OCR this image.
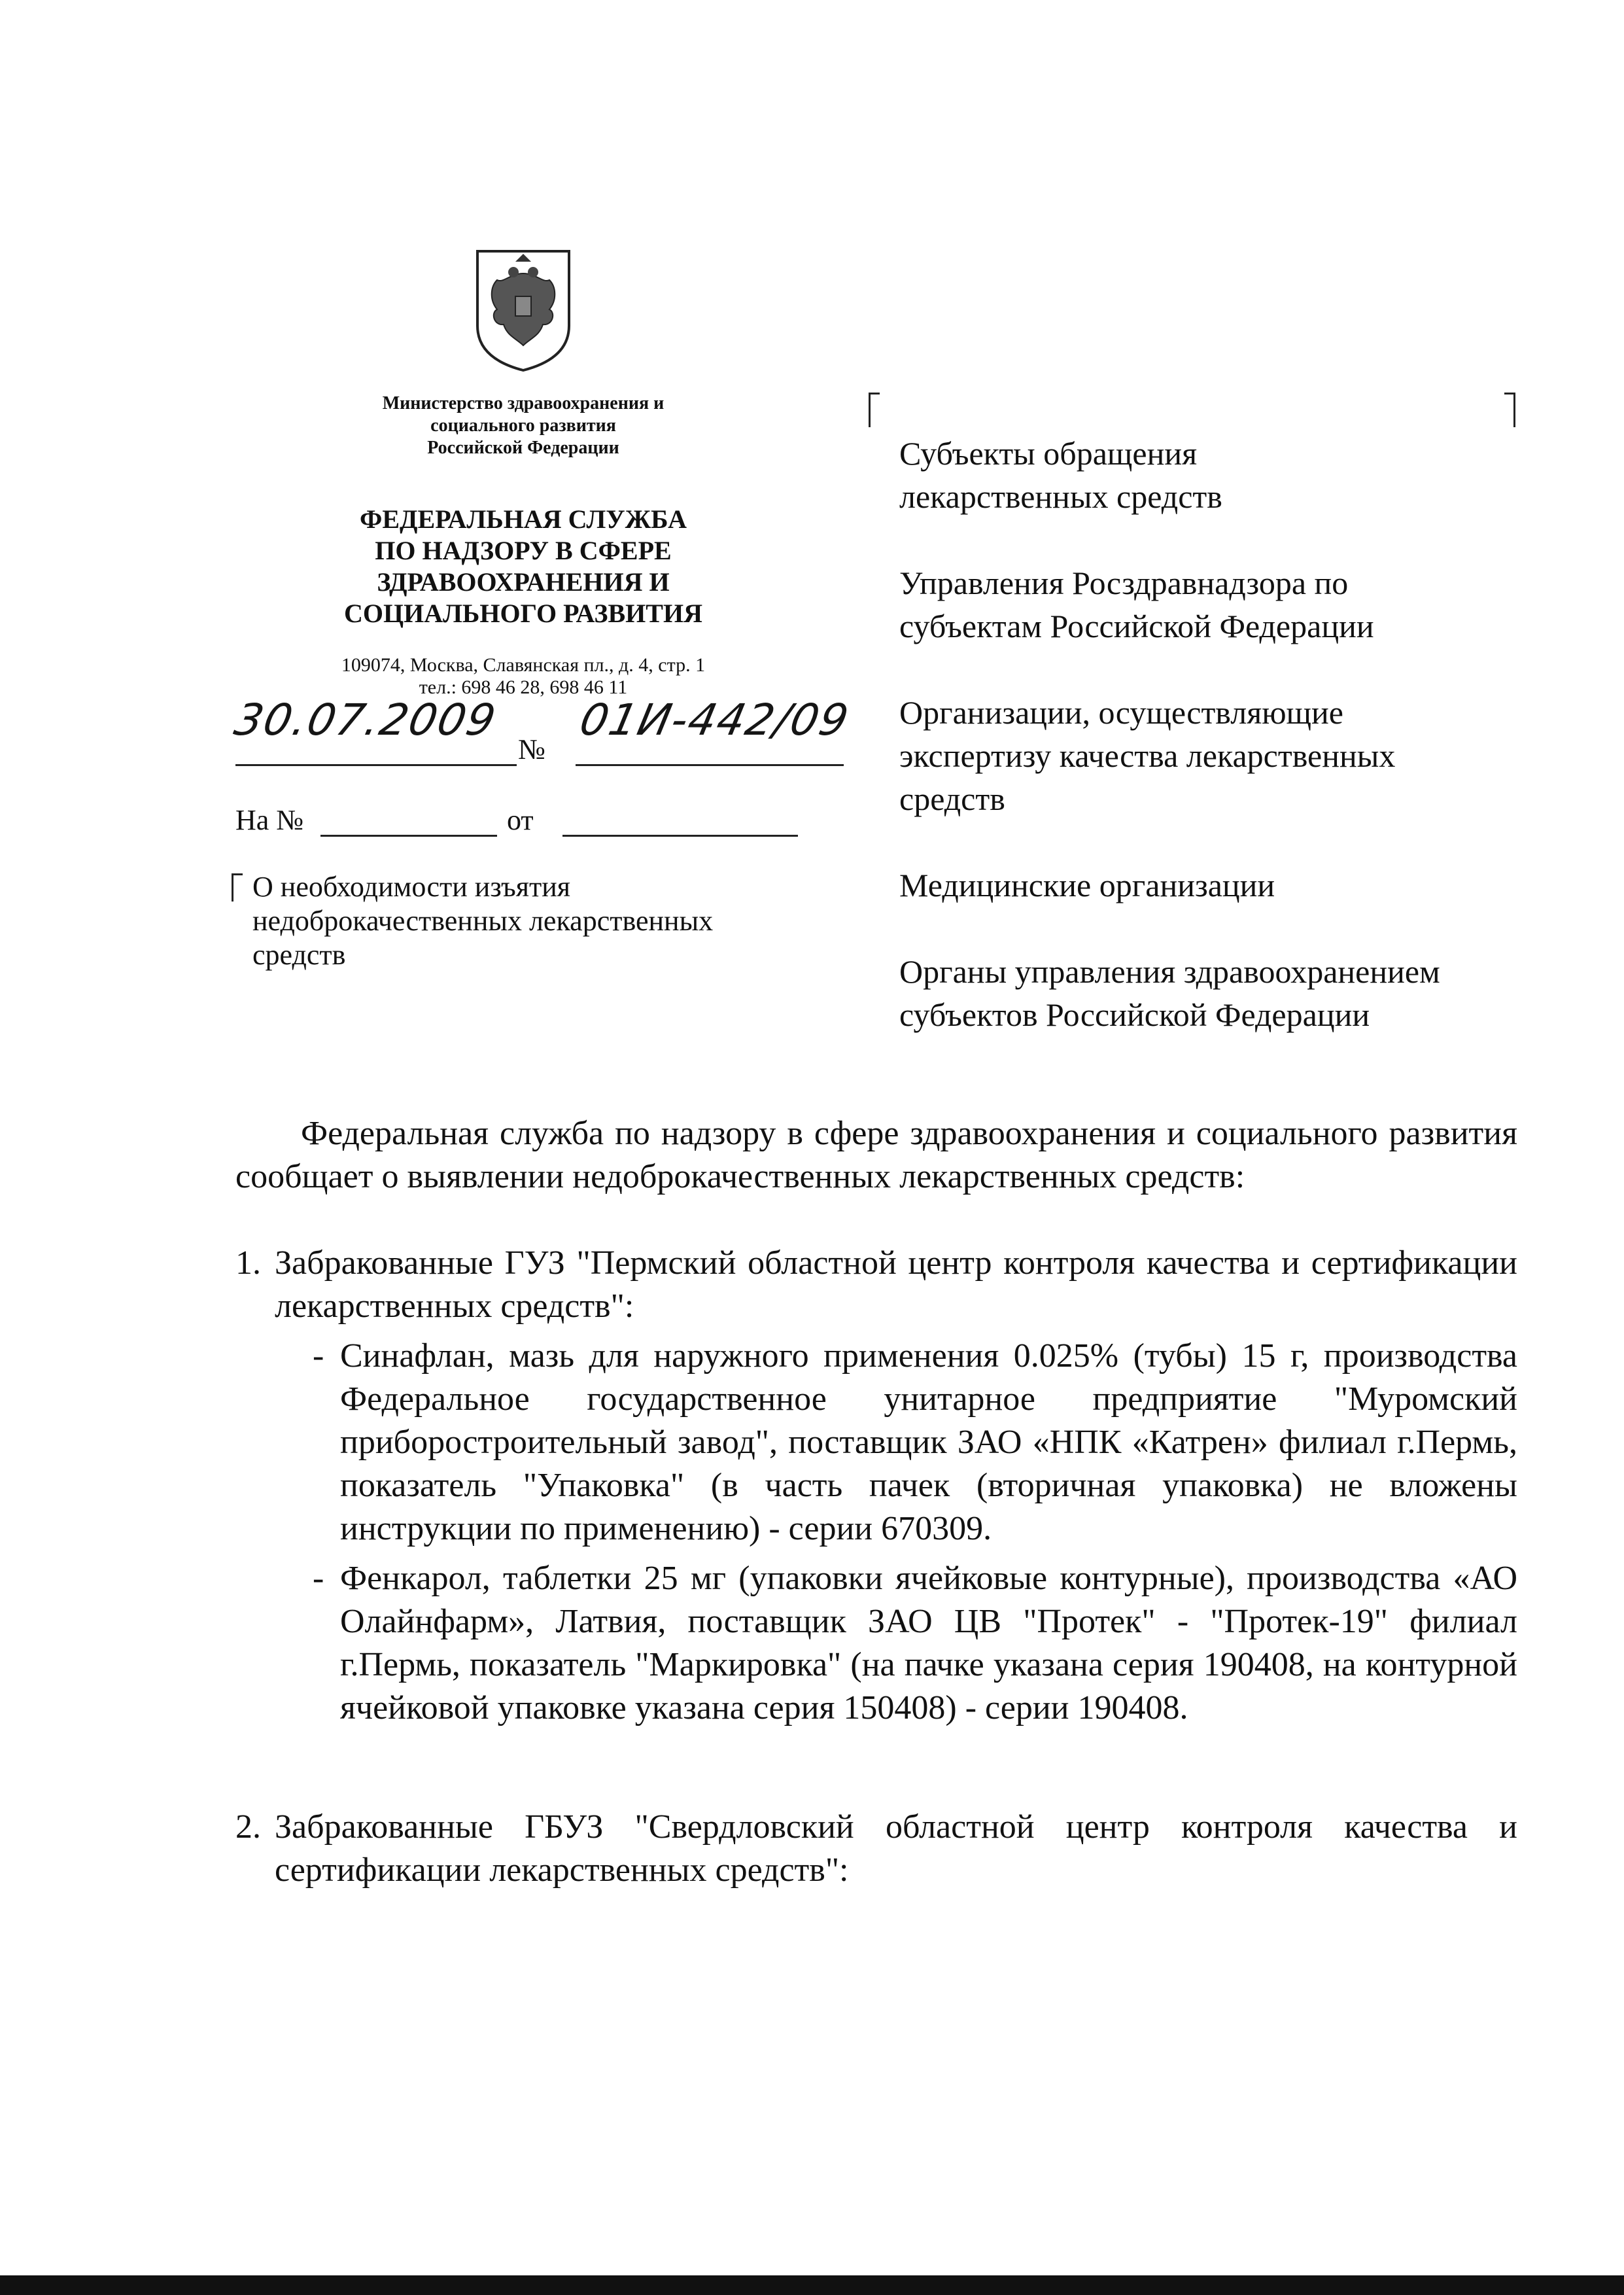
Министерство здравоохранения и
социального развития
Российской Федерации
ФЕДЕРАЛЬНАЯ СЛУЖБА
ПО НАДЗОРУ В СФЕРЕ
ЗДРАВООХРАНЕНИЯ И
СОЦИАЛЬНОГО РАЗВИТИЯ
109074, Москва, Славянская пл., д. 4, стр. 1
тел.: 698 46 28, 698 46 11
30.07.2009
№
01И-442/09
На №	от
О необходимости изъятия
недоброкачественных лекарственных
средств
Субъекты обращения
лекарственных средств
Управления Росздравнадзора по
субъектам Российской Федерации
Организации, осуществляющие
экспертизу качества лекарственных
средств
Медицинские организации
Органы управления здравоохранением
субъектов Российской Федерации

Федеральная служба по надзору в сфере здравоохранения и социального развития сообщает о выявлении недоброкачественных лекарственных средств:

1. Забракованные ГУЗ "Пермский областной центр контроля качества и сертификации лекарственных средств":

- Синафлан, мазь для наружного применения 0.025% (тубы) 15 г, производства Федеральное государственное унитарное предприятие "Муромский приборостроительный завод", поставщик ЗАО «НПК «Катрен» филиал г.Пермь, показатель "Упаковка" (в часть пачек (вторичная упаковка) не вложены инструкции по применению) - серии 670309.

- Фенкарол, таблетки 25 мг (упаковки ячейковые контурные), производства «АО Олайнфарм», Латвия, поставщик ЗАО ЦВ "Протек" - "Протек-19" филиал г.Пермь, показатель "Маркировка" (на пачке указана серия 190408, на контурной ячейковой упаковке указана серия 150408) - серии 190408.

2. Забракованные ГБУЗ "Свердловский областной центр контроля качества и сертификации лекарственных средств":
